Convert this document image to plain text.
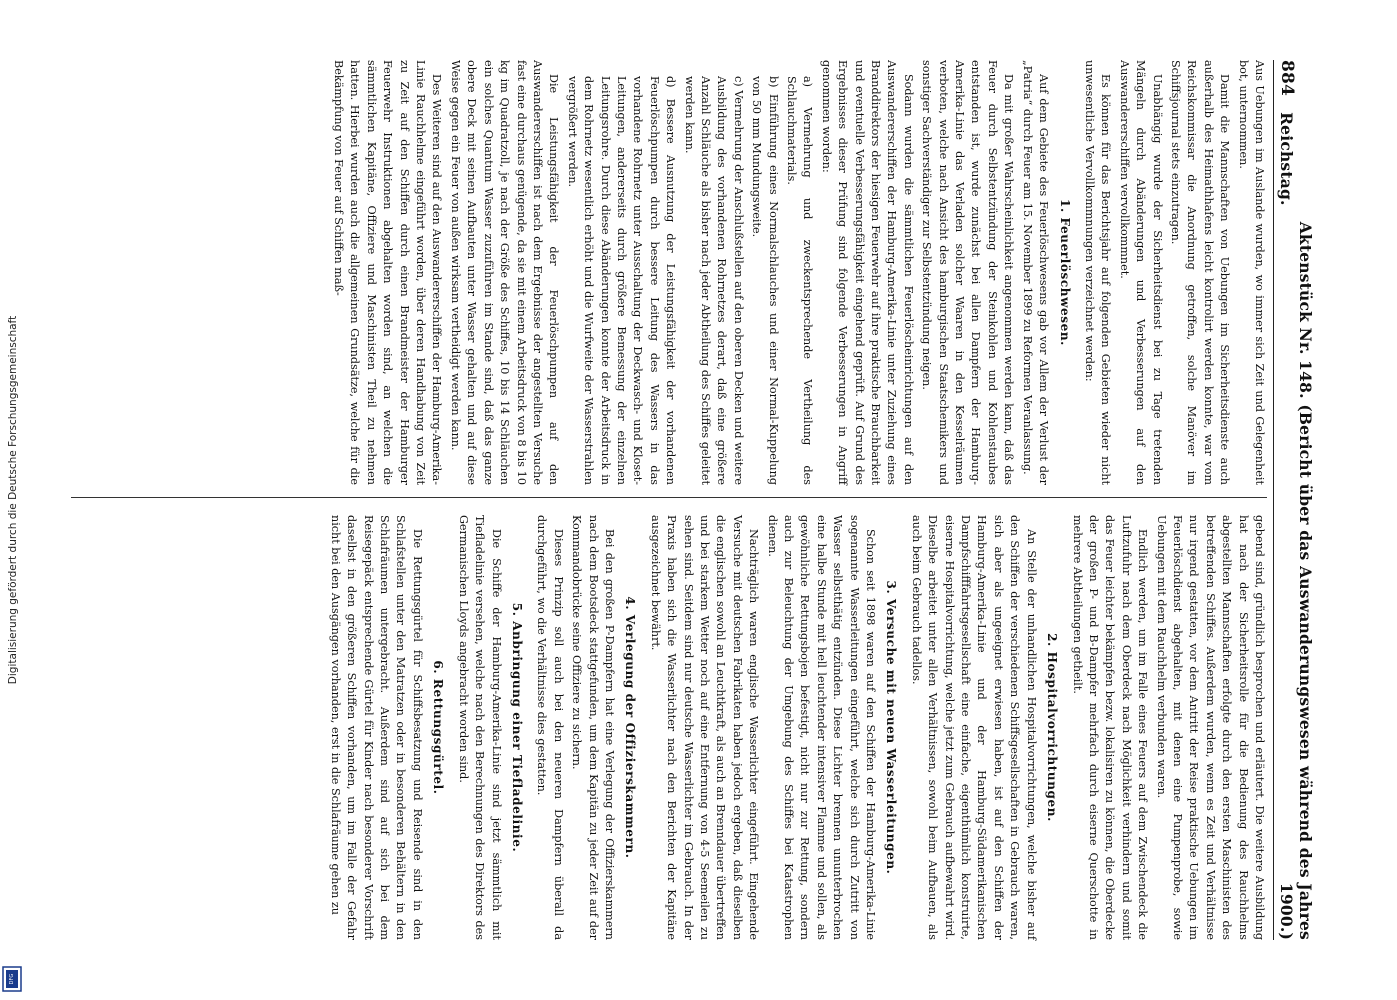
Digitalisierung gefördert durch die Deutsche Forschungsgemeinschaft
DFG
884
Reichstag.
Aktenstück Nr. 148. (Bericht über das Auswanderungswesen während des Jahres 1900.)

Aus Uebungen im Auslande wurden, wo immer sich Zeit und Gelegenheit bot, unternommen.

Damit die Mannschaften von Uebungen im Sicherheitsdienste auch außerhalb des Heimathhafens leicht kontrolirt werden konnte, war vom Reichskommissar die Anordnung getroffen, solche Manöver im Schiffsjournal stets einzutragen.

Unabhängig wurde der Sicherheitsdienst bei zu Tage tretenden Mängeln durch Abänderungen und Verbesserungen auf den Auswandererschiffen vervollkommnet.

Es können für das Berichtsjahr auf folgenden Gebieten wieder nicht unwesentliche Vervollkommnungen verzeichnet werden:

1. Feuerlöschwesen.

Auf dem Gebiete des Feuerlöschwesens gab vor Allem der Verlust der „Patria“ durch Feuer am 15. November 1899 zu Reformen Veranlassung.

Da mit großer Wahrscheinlichkeit angenommen werden kann, daß das Feuer durch Selbstentzündung der Steinkohlen und Kohlenstaubes entstanden ist, wurde zunächst bei allen Dampfern der Hamburg-Amerika-Linie das Verladen solcher Waaren in den Kesselräumen verboten, welche nach Ansicht des hamburgischen Staatschemikers und sonstiger Sachverständiger zur Selbstentzündung neigen.

Sodann wurden die sämmtlichen Feuerlöscheinrichtungen auf den Auswandererschiffen der Hamburg-Amerika-Linie unter Zuziehung eines Branddirektors der hiesigen Feuerwehr auf ihre praktische Brauchbarkeit und eventuelle Verbesserungsfähigkeit eingehend geprüft. Auf Grund des Ergebnisses dieser Prüfung sind folgende Verbesserungen in Angriff genommen worden:

a) Vermehrung und zweckentsprechende Vertheilung des Schlauchmaterials.

b) Einführung eines Normalschlauches und einer Normal-Kuppelung von 50 mm Mundungsweite.

c) Vermehrung der Anschlußstellen auf den oberen Decken und weitere Ausbildung des vorhandenen Rohrnetzes derart, daß eine größere Anzahl Schläuche als bisher nach jeder Abtheilung des Schiffes geleitet werden kann.

d) Bessere Ausnutzung der Leistungsfähigkeit der vorhandenen Feuerlöschpumpen durch bessere Leitung des Wassers in das vorhandene Rohrnetz unter Ausschaltung der Deckwasch- und Kloset-Leitungen, andererseits durch größere Bemessung der einzelnen Leitungsrohre. Durch diese Abänderungen konnte der Arbeitsdruck in dem Rohrnetz wesentlich erhöht und die Wurfweite der Wasserstrahlen vergrößert werden.

Die Leistungsfähigkeit der Feuerlöschpumpen auf den Auswandererschiffen ist nach dem Ergebnisse der angestellten Versuche fast eine durchaus genügende, da sie mit einem Arbeitsdruck von 8 bis 10 kg im Quadratzoll, je nach der Größe des Schiffes, 10 bis 14 Schläuchen ein solches Quantum Wasser zuzuführen im Stande sind, daß das ganze obere Deck mit seinen Aufbauten unter Wasser gehalten und auf diese Weise gegen ein Feuer von außen wirksam vertheidigt werden kann.

Des Weiteren sind auf den Auswandererschiffen der Hamburg-Amerika-Linie Rauchhelme eingeführt worden, über deren Handhabung von Zeit zu Zeit auf den Schiffen durch einen Brandmeister der Hamburger Feuerwehr Instruktionen abgehalten worden sind, an welchen die sämmtlichen Kapitäne, Offiziere und Maschinisten Theil zu nehmen hatten. Hierbei wurden auch die allgemeinen Grundsätze, welche für die Bekämpfung von Feuer auf Schiffen maß-

gebend sind, gründlich besprochen und erläutert. Die weitere Ausbildung hat nach der Sicherheitsrolle für die Bedienung des Rauchhelms abgestellten Mannschaften erfolgte durch den ersten Maschinisten des betreffenden Schiffes. Außerdem wurden, wenn es Zeit und Verhältnisse nur irgend gestatten, vor dem Antritt der Reise praktische Uebungen im Feuerlöschdienst abgehalten, mit denen eine Pumpenprobe, sowie Uebungen mit dem Rauchhelm verbunden waren.

Endlich werden, um im Falle eines Feuers auf dem Zwischendeck die Luftzufuhr nach dem Oberdeck nach Möglichkeit verhindern und somit das Feuer leichter bekämpfen bezw. lokalisiren zu können, die Oberdecke der großen P- und B-Dampfer mehrfach durch eiserne Querschotte in mehrere Abtheilungen getheilt.

2. Hospitalvorrichtungen.

An Stelle der unhandlichen Hospitalvorrichtungen, welche bisher auf den Schiffen der verschiedenen Schiffsgesellschaften in Gebrauch waren, sich aber als ungeeignet erwiesen haben, ist auf den Schiffen der Hamburg-Amerika-Linie und der Hamburg-Südamerikanischen Dampfschifffahrtsgesellschaft eine einfache, eigenthümlich konstruirte, eiserne Hospitalvorrichtung, welche jetzt zum Gebrauch aufbewahrt wird. Dieselbe arbeitet unter allen Verhältnissen, sowohl beim Aufbauen, als auch beim Gebrauch tadellos.

3. Versuche mit neuen Wasserleitungen.

Schon seit 1898 waren auf den Schiffen der Hamburg-Amerika-Linie sogenannte Wasserleitungen eingeführt, welche sich durch Zutritt von Wasser selbstthätig entzünden. Diese Lichter brennen ununterbrochen eine halbe Stunde mit hell leuchtender intensiver Flamme und sollen, als gewöhnliche Rettungsbojen befestigt, nicht nur zur Rettung, sondern auch zur Beleuchtung der Umgebung des Schiffes bei Katastrophen dienen.

Nachträglich waren englische Wasserlichter eingeführt. Eingehende Versuche mit deutschen Fabrikaten haben jedoch ergeben, daß dieselben die englischen sowohl an Leuchtkraft, als auch an Brenndauer übertreffen und bei starkem Wetter noch auf eine Entfernung von 4-5 Seemeilen zu sehen sind. Seitdem sind nur deutsche Wasserlichter im Gebrauch. In der Praxis haben sich die Wasserlichter nach den Berichten der Kapitäne ausgezeichnet bewährt.

4. Verlegung der Offizierskammern.

Bei den großen P-Dampfern hat eine Verlegung der Offizierskammern nach dem Bootsdeck stattgefunden, um dem Kapitän zu jeder Zeit auf der Kommandobrücke seine Offiziere zu sichern.

Dieses Prinzip soll auch bei den neueren Dampfern überall da durchgeführt, wo die Verhältnisse dies gestatten.

5. Anbringung einer Tiefladelinie.

Die Schiffe der Hamburg-Amerika-Linie sind jetzt sämmtlich mit Tiefladelinie versehen, welche nach den Berechnungen des Direktors des Germanischen Lloyds angebracht worden sind.

6. Rettungsgürtel.

Die Rettungsgürtel für Schiffsbesatzung und Reisende sind in den Schlafstellen unter den Matratzen oder in besonderen Behältern in den Schlafräumen untergebracht. Außerdem sind auf sich bei dem Reisegepäck entsprechende Gürtel für Kinder nach besonderer Vorschrift daselbst in den größeren Schiffen vorhanden, um im Falle der Gefahr nicht bei den Ausgängen vorhanden, erst in die Schlafräume gehen zu
